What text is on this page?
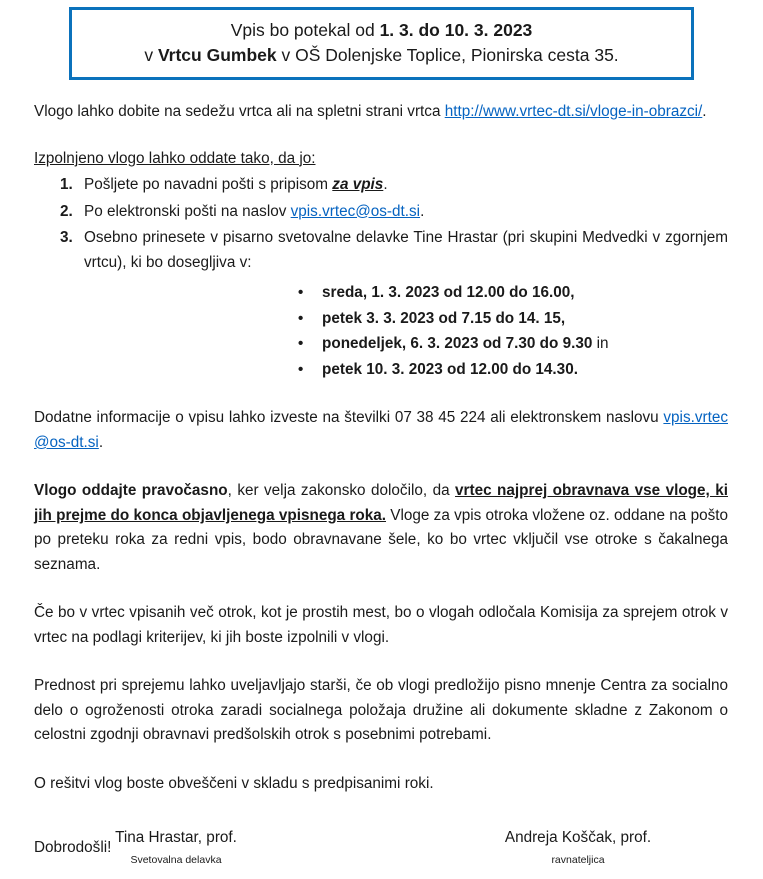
Vpis bo potekal od 1. 3. do 10. 3. 2023
v Vrtcu Gumbek v OŠ Dolenjske Toplice, Pionirska cesta 35.

Vlogo lahko dobite na sedežu vrtca ali na spletni strani vrtca http://www.vrtec-dt.si/vloge-in-obrazci/.

Izpolnjeno vlogo lahko oddate tako, da jo:
1. Pošljete po navadni pošti s pripisom za vpis.
2. Po elektronski pošti na naslov vpis.vrtec@os-dt.si.
3. Osebno prinesete v pisarno svetovalne delavke Tine Hrastar (pri skupini Medvedki v zgornjem vrtcu), ki bo dosegljiva v:
• sreda, 1. 3. 2023 od 12.00 do 16.00,
• petek 3. 3. 2023 od 7.15 do 14. 15,
• ponedeljek, 6. 3. 2023 od 7.30 do 9.30 in
• petek 10. 3. 2023 od 12.00 do 14.30.

Dodatne informacije o vpisu lahko izveste na številki 07 38 45 224 ali elektronskem naslovu vpis.vrtec@os-dt.si.

Vlogo oddajte pravočasno, ker velja zakonsko določilo, da vrtec najprej obravnava vse vloge, ki jih prejme do konca objavljenega vpisnega roka. Vloge za vpis otroka vložene oz. oddane na pošto po preteku roka za redni vpis, bodo obravnavane šele, ko bo vrtec vključil vse otroke s čakalnega seznama.

Če bo v vrtec vpisanih več otrok, kot je prostih mest, bo o vlogah odločala Komisija za sprejem otrok v vrtec na podlagi kriterijev, ki jih boste izpolnili v vlogi.

Prednost pri sprejemu lahko uveljavljajo starši, če ob vlogi predložijo pisno mnenje Centra za socialno delo o ogroženosti otroka zaradi socialnega položaja družine ali dokumente skladne z Zakonom o celostni zgodnji obravnavi predšolskih otrok s posebnimi potrebami.

O rešitvi vlog boste obveščeni v skladu s predpisanimi roki.

Dobrodošli!

Tina Hrastar, prof.
Svetovalna delavka
Andreja Koščak, prof.
ravnateljica
